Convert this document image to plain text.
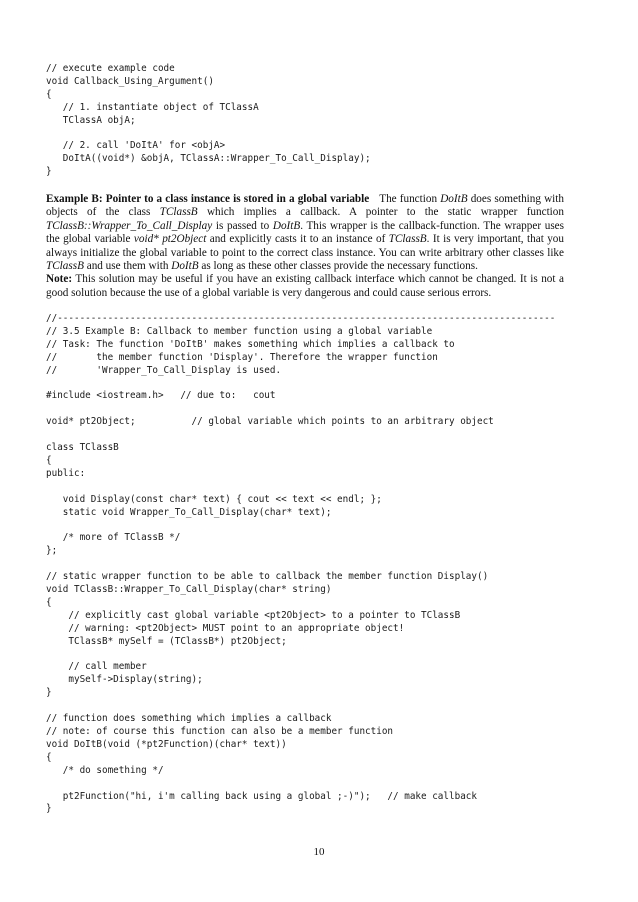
// execute example code
void Callback_Using_Argument()
{
// 1. instantiate object of TClassA
TClassA objA;

// 2. call 'DoItA' for <objA>
DoItA((void*) &objA, TClassA::Wrapper_To_Call_Display);
}

Example B: Pointer to a class instance is stored in a global variable The function DoItB does something with objects of the class TClassB which implies a callback. A pointer to the static wrapper function TClassB::Wrapper_To_Call_Display is passed to DoItB. This wrapper is the callback-function. The wrapper uses the global variable void* pt2Object and explicitly casts it to an instance of TClassB. It is very important, that you always initialize the global variable to point to the correct class instance. You can write arbitrary other classes like TClassB and use them with DoItB as long as these other classes provide the necessary functions.
Note: This solution may be useful if you have an existing callback interface which cannot be changed. It is not a good solution because the use of a global variable is very dangerous and could cause serious errors.

//-----------------------------------------------------------------------------------------
// 3.5 Example B: Callback to member function using a global variable
// Task: The function 'DoItB' makes something which implies a callback to
//       the member function 'Display'. Therefore the wrapper function
//       'Wrapper_To_Call_Display is used.

#include <iostream.h>   // due to:   cout

void* pt2Object;          // global variable which points to an arbitrary object

class TClassB
{
public:

void Display(const char* text) { cout << text << endl; };
static void Wrapper_To_Call_Display(char* text);

/* more of TClassB */
};

// static wrapper function to be able to callback the member function Display()
void TClassB::Wrapper_To_Call_Display(char* string)
{
// explicitly cast global variable <pt2Object> to a pointer to TClassB
// warning: <pt2Object> MUST point to an appropriate object!
TClassB* mySelf = (TClassB*) pt2Object;

// call member
mySelf->Display(string);
}

// function does something which implies a callback
// note: of course this function can also be a member function
void DoItB(void (*pt2Function)(char* text))
{
/* do something */

pt2Function("hi, i'm calling back using a global ;-)");   // make callback
}
10
